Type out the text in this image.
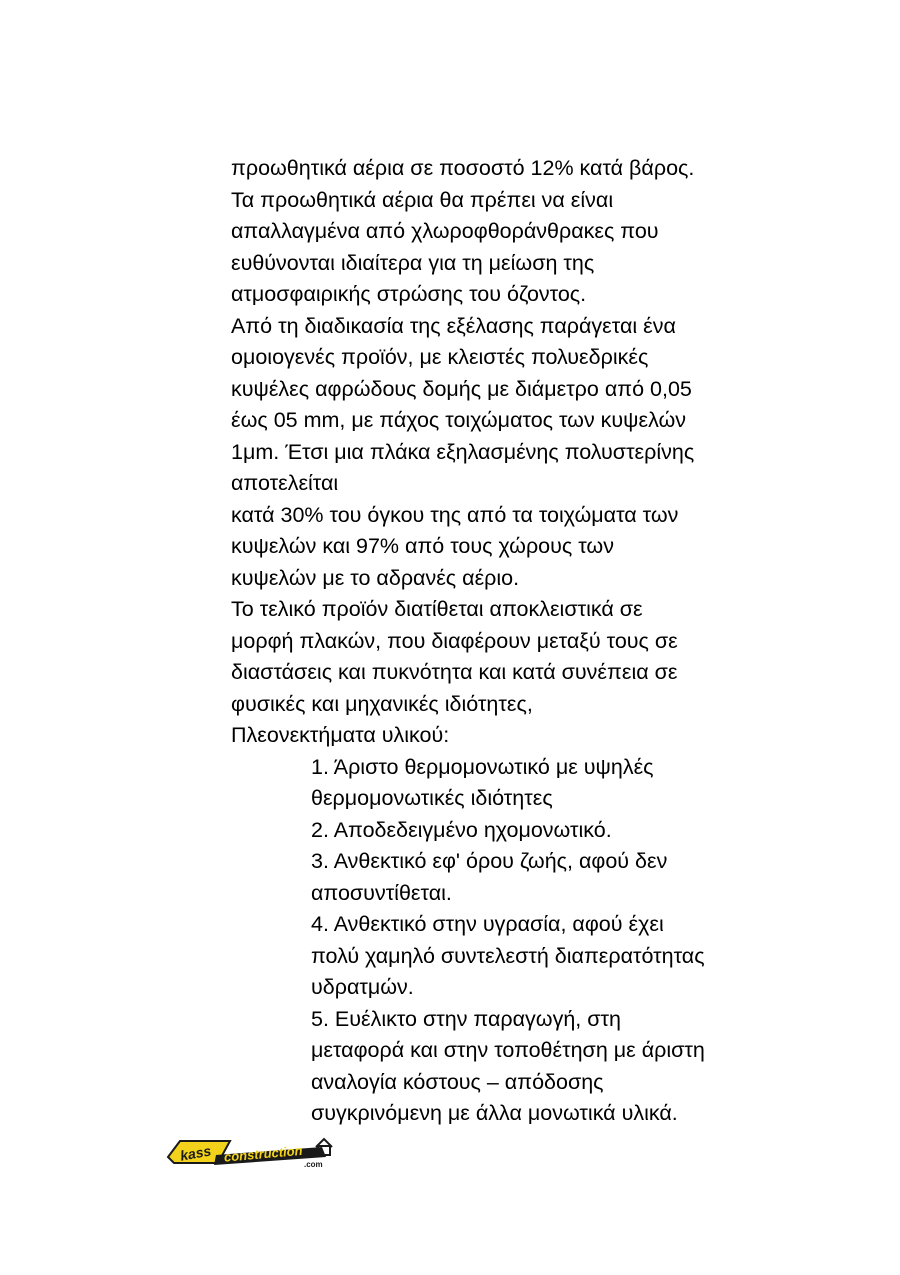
προωθητικά αέρια σε ποσοστό 12% κατά βάρος.
Τα προωθητικά αέρια θα πρέπει να είναι
απαλλαγμένα από χλωροφθοράνθρακες που
ευθύνονται ιδιαίτερα για τη μείωση της
ατμοσφαιρικής στρώσης του όζοντος.
Από τη διαδικασία της εξέλασης παράγεται ένα
ομοιογενές προϊόν, με κλειστές πολυεδρικές
κυψέλες αφρώδους δομής με διάμετρο από 0,05
έως 05 mm, με πάχος τοιχώματος των κυψελών
1μm. Έτσι μια πλάκα εξηλασμένης πολυστερίνης
αποτελείται
κατά 30% του όγκου της από τα τοιχώματα των
κυψελών και 97% από τους χώρους των
κυψελών με το αδρανές αέριο.
Το τελικό προϊόν διατίθεται αποκλειστικά σε
μορφή πλακών, που διαφέρουν μεταξύ τους σε
διαστάσεις και πυκνότητα και κατά συνέπεια σε
φυσικές και μηχανικές ιδιότητες,
Πλεονεκτήματα υλικού:
1. Άριστο θερμομονωτικό με υψηλές
θερμομονωτικές ιδιότητες
2. Αποδεδειγμένο ηχομονωτικό.
3. Ανθεκτικό εφ' όρου ζωής, αφού δεν
αποσυντίθεται.
4. Ανθεκτικό στην υγρασία, αφού έχει
πολύ χαμηλό συντελεστή διαπερατότητας
υδρατμών.
5. Ευέλικτο στην παραγωγή, στη
μεταφορά και στην τοποθέτηση με άριστη
αναλογία κόστους – απόδοσης
συγκρινόμενη με άλλα μονωτικά υλικά.
kass construction .com
